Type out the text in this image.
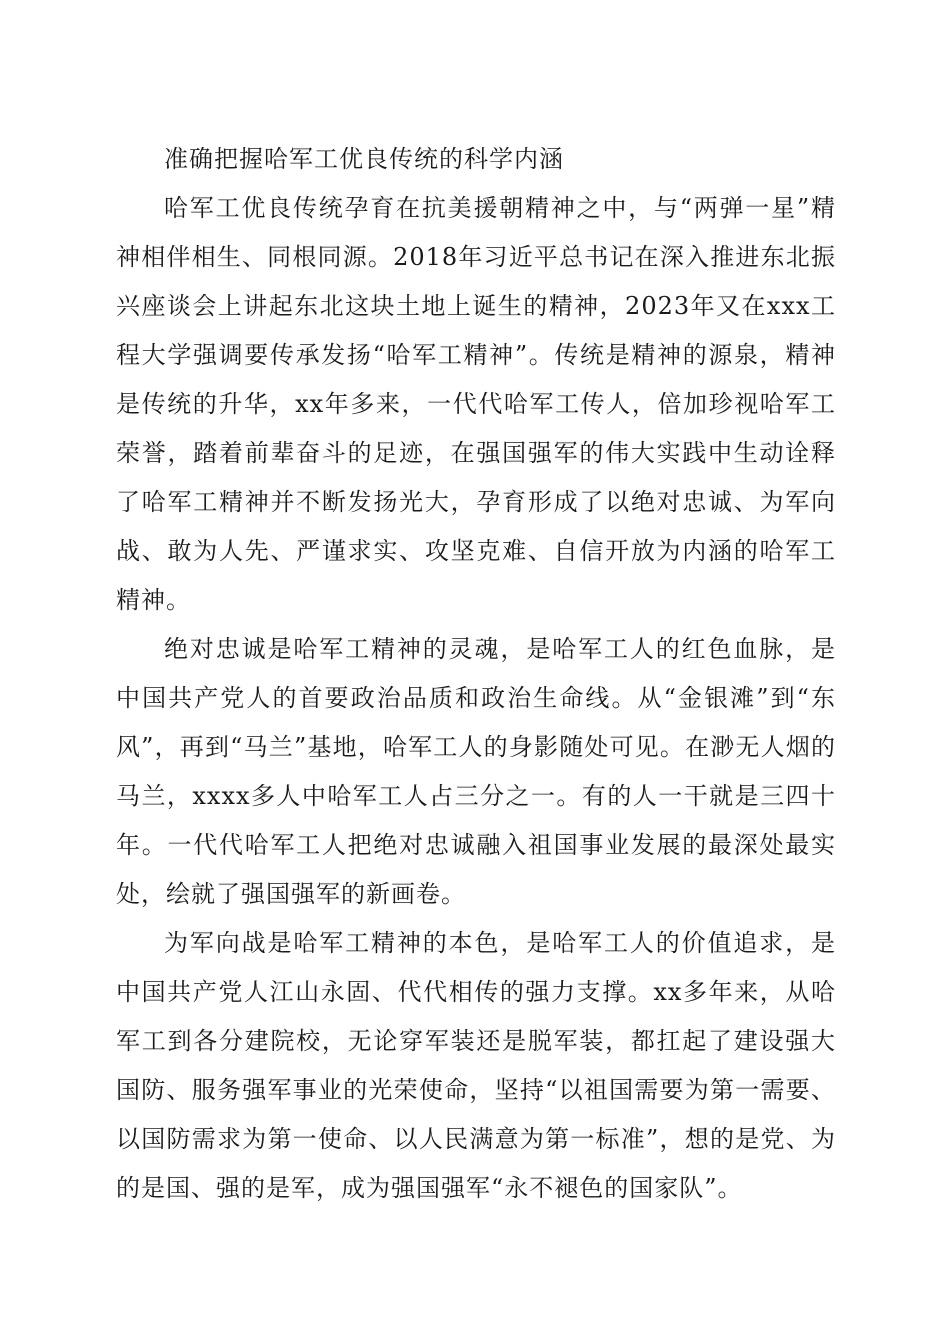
准确把握哈军工优良传统的科学内涵

哈军工优良传统孕育在抗美援朝精神之中，与“两弹一星”精神相伴相生、同根同源。2018年习近平总书记在深入推进东北振兴座谈会上讲起东北这块土地上诞生的精神，2023年又在xxx工程大学强调要传承发扬“哈军工精神”。传统是精神的源泉，精神是传统的升华，xx年多来，一代代哈军工传人，倍加珍视哈军工荣誉，踏着前辈奋斗的足迹，在强国强军的伟大实践中生动诠释了哈军工精神并不断发扬光大，孕育形成了以绝对忠诚、为军向战、敢为人先、严谨求实、攻坚克难、自信开放为内涵的哈军工精神。

绝对忠诚是哈军工精神的灵魂，是哈军工人的红色血脉，是中国共产党人的首要政治品质和政治生命线。从“金银滩”到“东风”，再到“马兰”基地，哈军工人的身影随处可见。在渺无人烟的马兰，xxxx多人中哈军工人占三分之一。有的人一干就是三四十年。一代代哈军工人把绝对忠诚融入祖国事业发展的最深处最实处，绘就了强国强军的新画卷。

为军向战是哈军工精神的本色，是哈军工人的价值追求，是中国共产党人江山永固、代代相传的强力支撑。xx多年来，从哈军工到各分建院校，无论穿军装还是脱军装，都扛起了建设强大国防、服务强军事业的光荣使命，坚持“以祖国需要为第一需要、以国防需求为第一使命、以人民满意为第一标准”，想的是党、为的是国、强的是军，成为强国强军“永不褪色的国家队”。
